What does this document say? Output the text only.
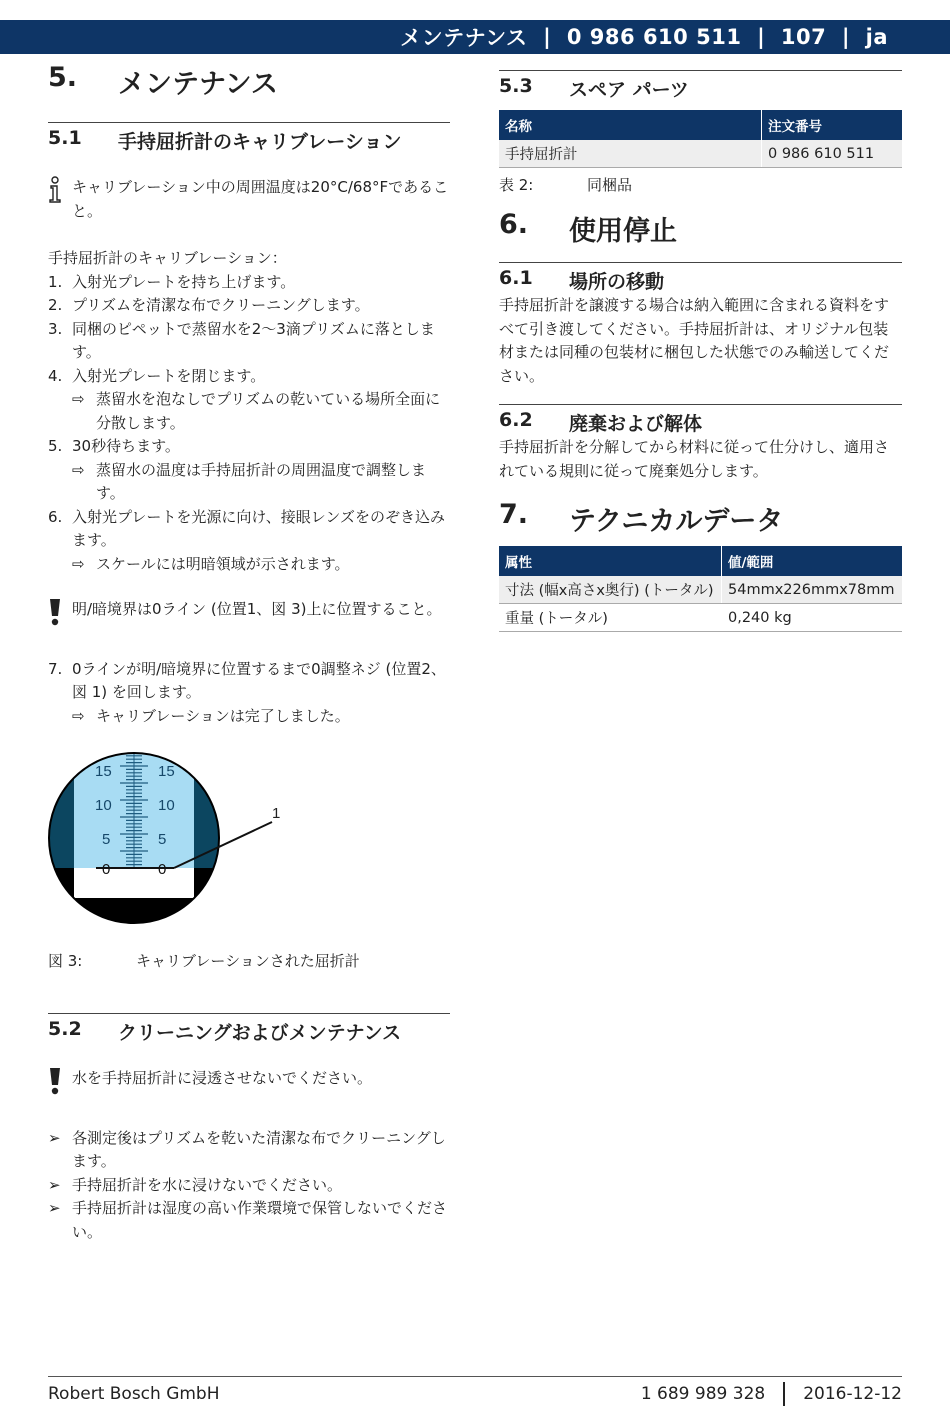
メンテナンス | 0 986 610 511 | 107 | ja
5.	メンテナンス
5.1	手持屈折計のキャリブレーション
キャリブレーション中の周囲温度は20°C/68°Fであること。

手持屈折計のキャリブレーション：

1. 入射光プレートを持ち上げます。
2. プリズムを清潔な布でクリーニングします。
3. 同梱のピペットで蒸留水を2～3滴プリズムに落とします。
4. 入射光プレートを閉じます。
⇨ 蒸留水を泡なしでプリズムの乾いている場所全面に分散します。
5. 30秒待ちます。
⇨ 蒸留水の温度は手持屈折計の周囲温度で調整します。
6. 入射光プレートを光源に向け、接眼レンズをのぞき込みます。
⇨ スケールには明暗領域が示されます。
明/暗境界は0ライン (位置1、図 3)上に位置すること。
7. 0ラインが明/暗境界に位置するまで0調整ネジ (位置2、図 1) を回します。
⇨ キャリブレーションは完了しました。
15	15
10	10
5	5
0	0
1
図 3:	キャリブレーションされた屈折計
5.2	クリーニングおよびメンテナンス
水を手持屈折計に浸透させないでください。
➢ 各測定後はプリズムを乾いた清潔な布でクリーニングします。
➢ 手持屈折計を水に浸けないでください。
➢ 手持屈折計は湿度の高い作業環境で保管しないでください。
5.3	スペア パーツ
名称	注文番号
手持屈折計	0 986 610 511
表 2:	同梱品
6.	使用停止
6.1	場所の移動

手持屈折計を譲渡する場合は納入範囲に含まれる資料をすべて引き渡してください。手持屈折計は、オリジナル包装材または同種の包装材に梱包した状態でのみ輸送してください。

6.2	廃棄および解体

手持屈折計を分解してから材料に従って仕分けし、適用されている規則に従って廃棄処分します。

7.	テクニカルデータ
属性	値/範囲
寸法 (幅x高さx奥行) (トータル)	54mmx226mmx78mm
重量 (トータル)	0,240 kg
Robert Bosch GmbH	1 689 989 328 2016-12-12
